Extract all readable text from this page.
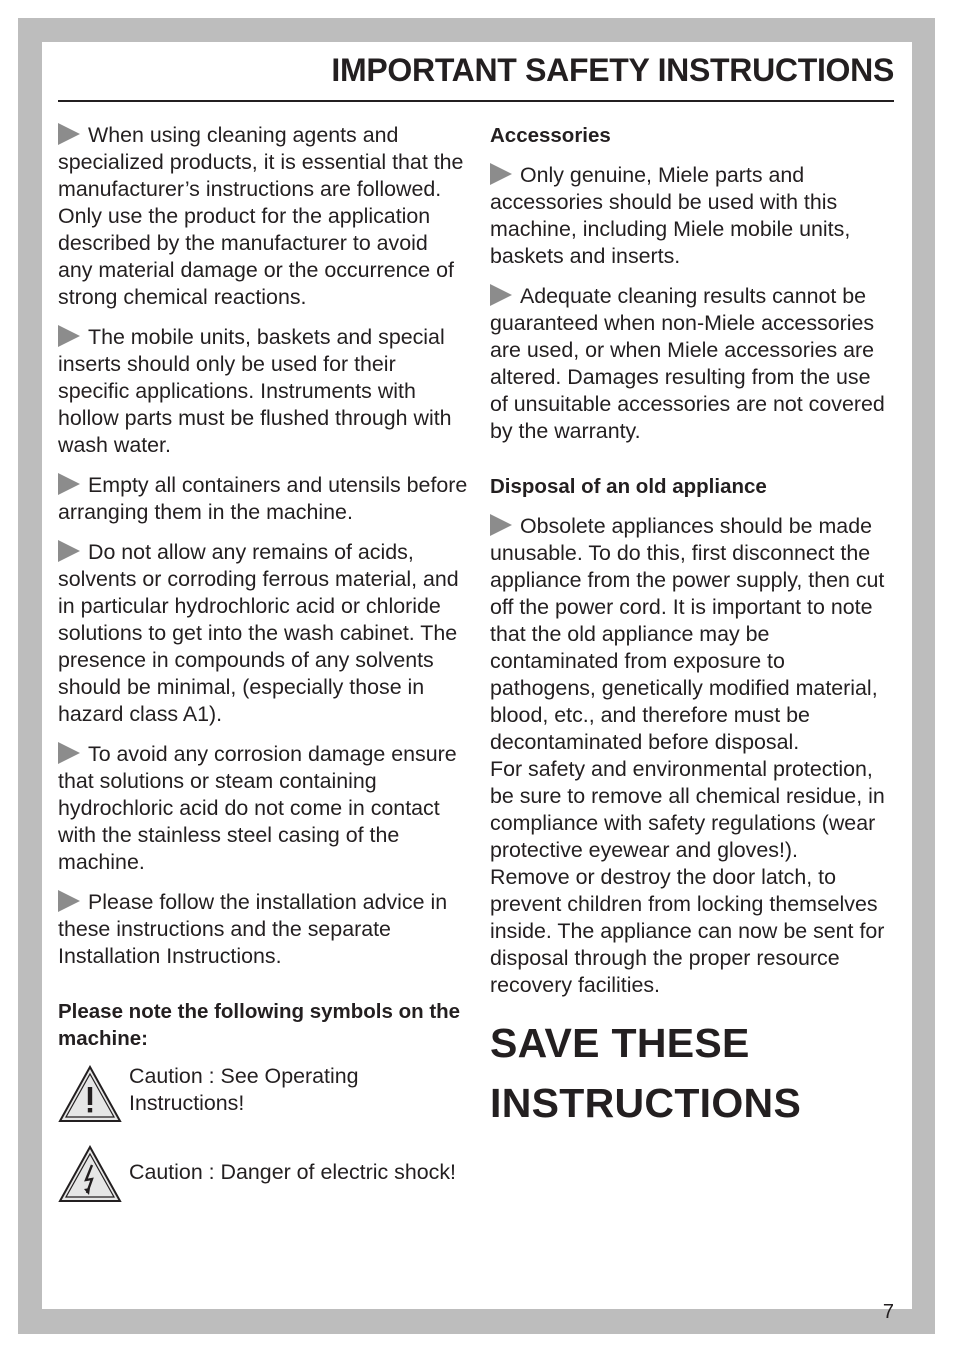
IMPORTANT SAFETY INSTRUCTIONS

When using cleaning agents and specialized products, it is essential that the manufacturer’s instructions are followed. Only use the product for the application described by the manufacturer to avoid any material damage or the occurrence of strong chemical reactions.

The mobile units, baskets and special inserts should only be used for their specific applications. Instruments with hollow parts must be flushed through with wash water.

Empty all containers and utensils before arranging them in the machine.

Do not allow any remains of acids, solvents or corroding ferrous material, and in particular hydrochloric acid or chloride solutions to get into the wash cabinet. The presence in compounds of any solvents should be minimal, (especially those in hazard class A1).

To avoid any corrosion damage ensure that solutions or steam containing hydrochloric acid do not come in contact with the stainless steel casing of the machine.

Please follow the installation advice in these instructions and the separate Installation Instructions.

Please note the following symbols on the machine:
Caution : See Operating Instructions!
Caution : Danger of electric shock!
Accessories

Only genuine, Miele parts and accessories should be used with this machine, including Miele mobile units, baskets and inserts.

Adequate cleaning results cannot be guaranteed when non-Miele accessories are used, or when Miele accessories are altered. Damages resulting from the use of unsuitable accessories are not covered by the warranty.

Disposal of an old appliance

Obsolete appliances should be made unusable. To do this, first disconnect the appliance from the power supply, then cut off the power cord. It is important to note that the old appliance may be contaminated from exposure to pathogens, genetically modified material, blood, etc., and therefore must be decontaminated before disposal.

For safety and environmental protection, be sure to remove all chemical residue, in compliance with safety regulations (wear protective eyewear and gloves!).

Remove or destroy the door latch, to prevent children from locking themselves inside. The appliance can now be sent for disposal through the proper resource recovery facilities.

SAVE THESE
INSTRUCTIONS
7
